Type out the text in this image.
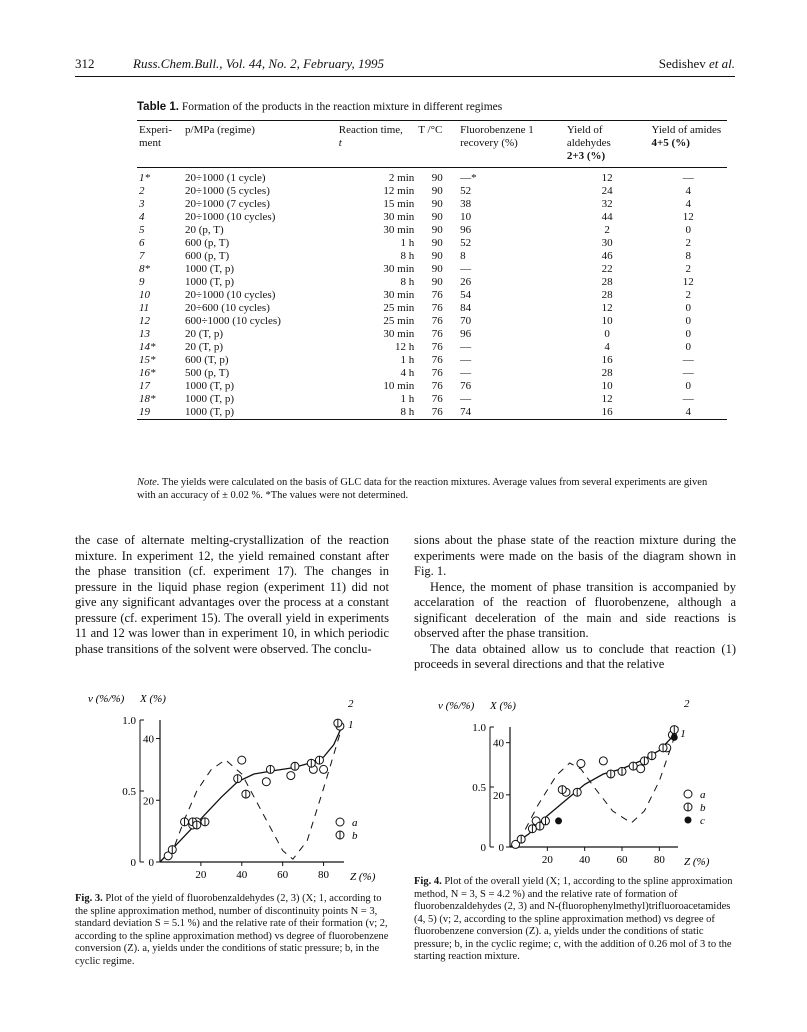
312	Russ.Chem.Bull., Vol. 44, No. 2, February, 1995	Sedishev et al.
Table 1. Formation of the products in the reaction mixture in different regimes
Experi- ment	p/MPa (regime)	Reaction time,
t	T /°C	Fluorobenzene 1 recovery (%)	Yield of aldehydes
2+3 (%)	Yield of amides
4+5 (%)
1*	20÷1000 (1 cycle)	2 min	90	—*	12	—
2	20÷1000 (5 cycles)	12 min	90	52	24	4
3	20÷1000 (7 cycles)	15 min	90	38	32	4
4	20÷1000 (10 cycles)	30 min	90	10	44	12
5	20 (p, T)	30 min	90	96	2	0
6	600 (p, T)	1 h	90	52	30	2
7	600 (p, T)	8 h	90	8	46	8
8*	1000 (T, p)	30 min	90	—	22	2
9	1000 (T, p)	8 h	90	26	28	12
10	20÷1000 (10 cycles)	30 min	76	54	28	2
11	20÷600 (10 cycles)	25 min	76	84	12	0
12	600÷1000 (10 cycles)	25 min	76	70	10	0
13	20 (T, p)	30 min	76	96	0	0
14*	20 (T, p)	12 h	76	—	4	0
15*	600 (T, p)	1 h	76	—	16	—
16*	500 (p, T)	4 h	76	—	28	—
17	1000 (T, p)	10 min	76	76	10	0
18*	1000 (T, p)	1 h	76	—	12	—
19	1000 (T, p)	8 h	76	74	16	4
Note. The yields were calculated on the basis of GLC data for the reaction mixtures. Average values from several experiments are given with an accuracy of ± 0.02 %. *The values were not determined.

the case of alternate melting-crystallization of the reaction mixture. In experiment 12, the yield remained constant after the phase transition (cf. experiment 17). The changes in pressure in the liquid phase region (experiment 11) did not give any significant advantages over the process at a constant pressure (cf. experiment 15). The overall yield in experiments 11 and 12 was lower than in experiment 10, in which periodic phase transitions of the solvent were observed. The conclu-

sions about the phase state of the reaction mixture during the experiments were made on the basis of the diagram shown in Fig. 1.

Hence, the moment of phase transition is accompanied by accelaration of the reaction of fluorobenzene, although a significant deceleration of the main and side reactions is observed after the phase transition.

The data obtained allow us to conclude that reaction (1) proceeds in several directions and that the relative

v (%/%) X (%)
Z (%)
0
20
40
0
0.5
1.0
20	40	60	80
1
2
a
b
Fig. 3. Plot of the yield of fluorobenzaldehydes (2, 3) (X; 1, according to the spline approximation method, number of discontinuity points N = 3, standard deviation S = 5.1 %) and the relative rate of their formation (v; 2, according to the spline approximation method) vs degree of fluorobenzene conversion (Z). a, yields under the conditions of static pressure; b, in the cyclic regime.
v (%/%) X (%)
Z (%)
0
20
40
0
0.5
1.0
20 40 60 80
1
2
a
b
c
Fig. 4. Plot of the overall yield (X; 1, according to the spline approximation method, N = 3, S = 4.2 %) and the relative rate of formation of fluorobenzaldehydes (2, 3) and N-(fluorophenylmethyl)trifluoroacetamides (4, 5) (v; 2, according to the spline approximation method) vs degree of fluorobenzene conversion (Z). a, yields under the conditions of static pressure; b, in the cyclic regime; c, with the addition of 0.26 mol of 3 to the starting reaction mixture.
